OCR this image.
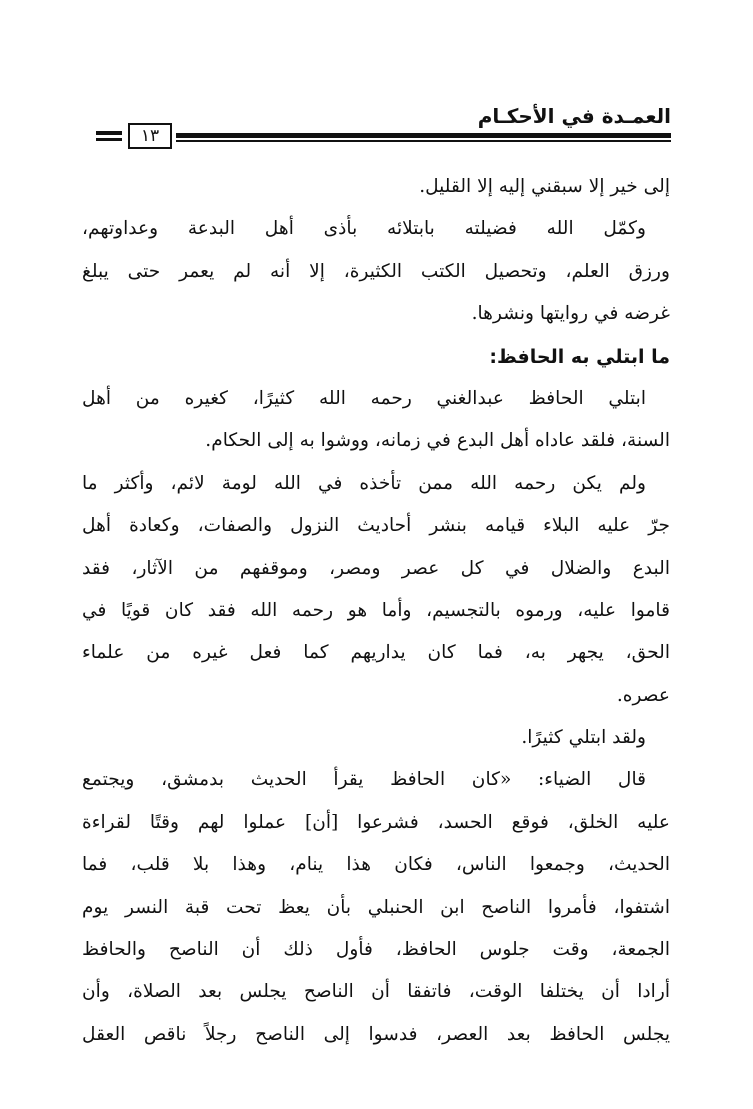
العمـدة في الأحكـام
١٣
إلى خير إلا سبقني إليه إلا القليل.
وكمّل الله فضيلته بابتلائه بأذى أهل البدعة وعداوتهم،
ورزق العلم، وتحصيل الكتب الكثيرة، إلا أنه لم يعمر حتى يبلغ
غرضه في روايتها ونشرها.
ما ابتلي به الحافظ:
ابتلي الحافظ عبدالغني رحمه الله كثيرًا، كغيره من أهل
السنة، فلقد عاداه أهل البدع في زمانه، ووشوا به إلى الحكام.
ولم يكن رحمه الله ممن تأخذه في الله لومة لائم، وأكثر ما
جرّ عليه البلاء قيامه بنشر أحاديث النزول والصفات، وكعادة أهل
البدع والضلال في كل عصر ومصر، وموقفهم من الآثار، فقد
قاموا عليه، ورموه بالتجسيم، وأما هو رحمه الله فقد كان قويًا في
الحق، يجهر به، فما كان يداريهم كما فعل غيره من علماء
عصره.
ولقد ابتلي كثيرًا.
قال الضياء: «كان الحافظ يقرأ الحديث بدمشق، ويجتمع
عليه الخلق، فوقع الحسد، فشرعوا [أن] عملوا لهم وقتًا لقراءة
الحديث، وجمعوا الناس، فكان هذا ينام، وهذا بلا قلب، فما
اشتفوا، فأمروا الناصح ابن الحنبلي بأن يعظ تحت قبة النسر يوم
الجمعة، وقت جلوس الحافظ، فأول ذلك أن الناصح والحافظ
أرادا أن يختلفا الوقت، فاتفقا أن الناصح يجلس بعد الصلاة، وأن
يجلس الحافظ بعد العصر، فدسوا إلى الناصح رجلاً ناقص العقل
